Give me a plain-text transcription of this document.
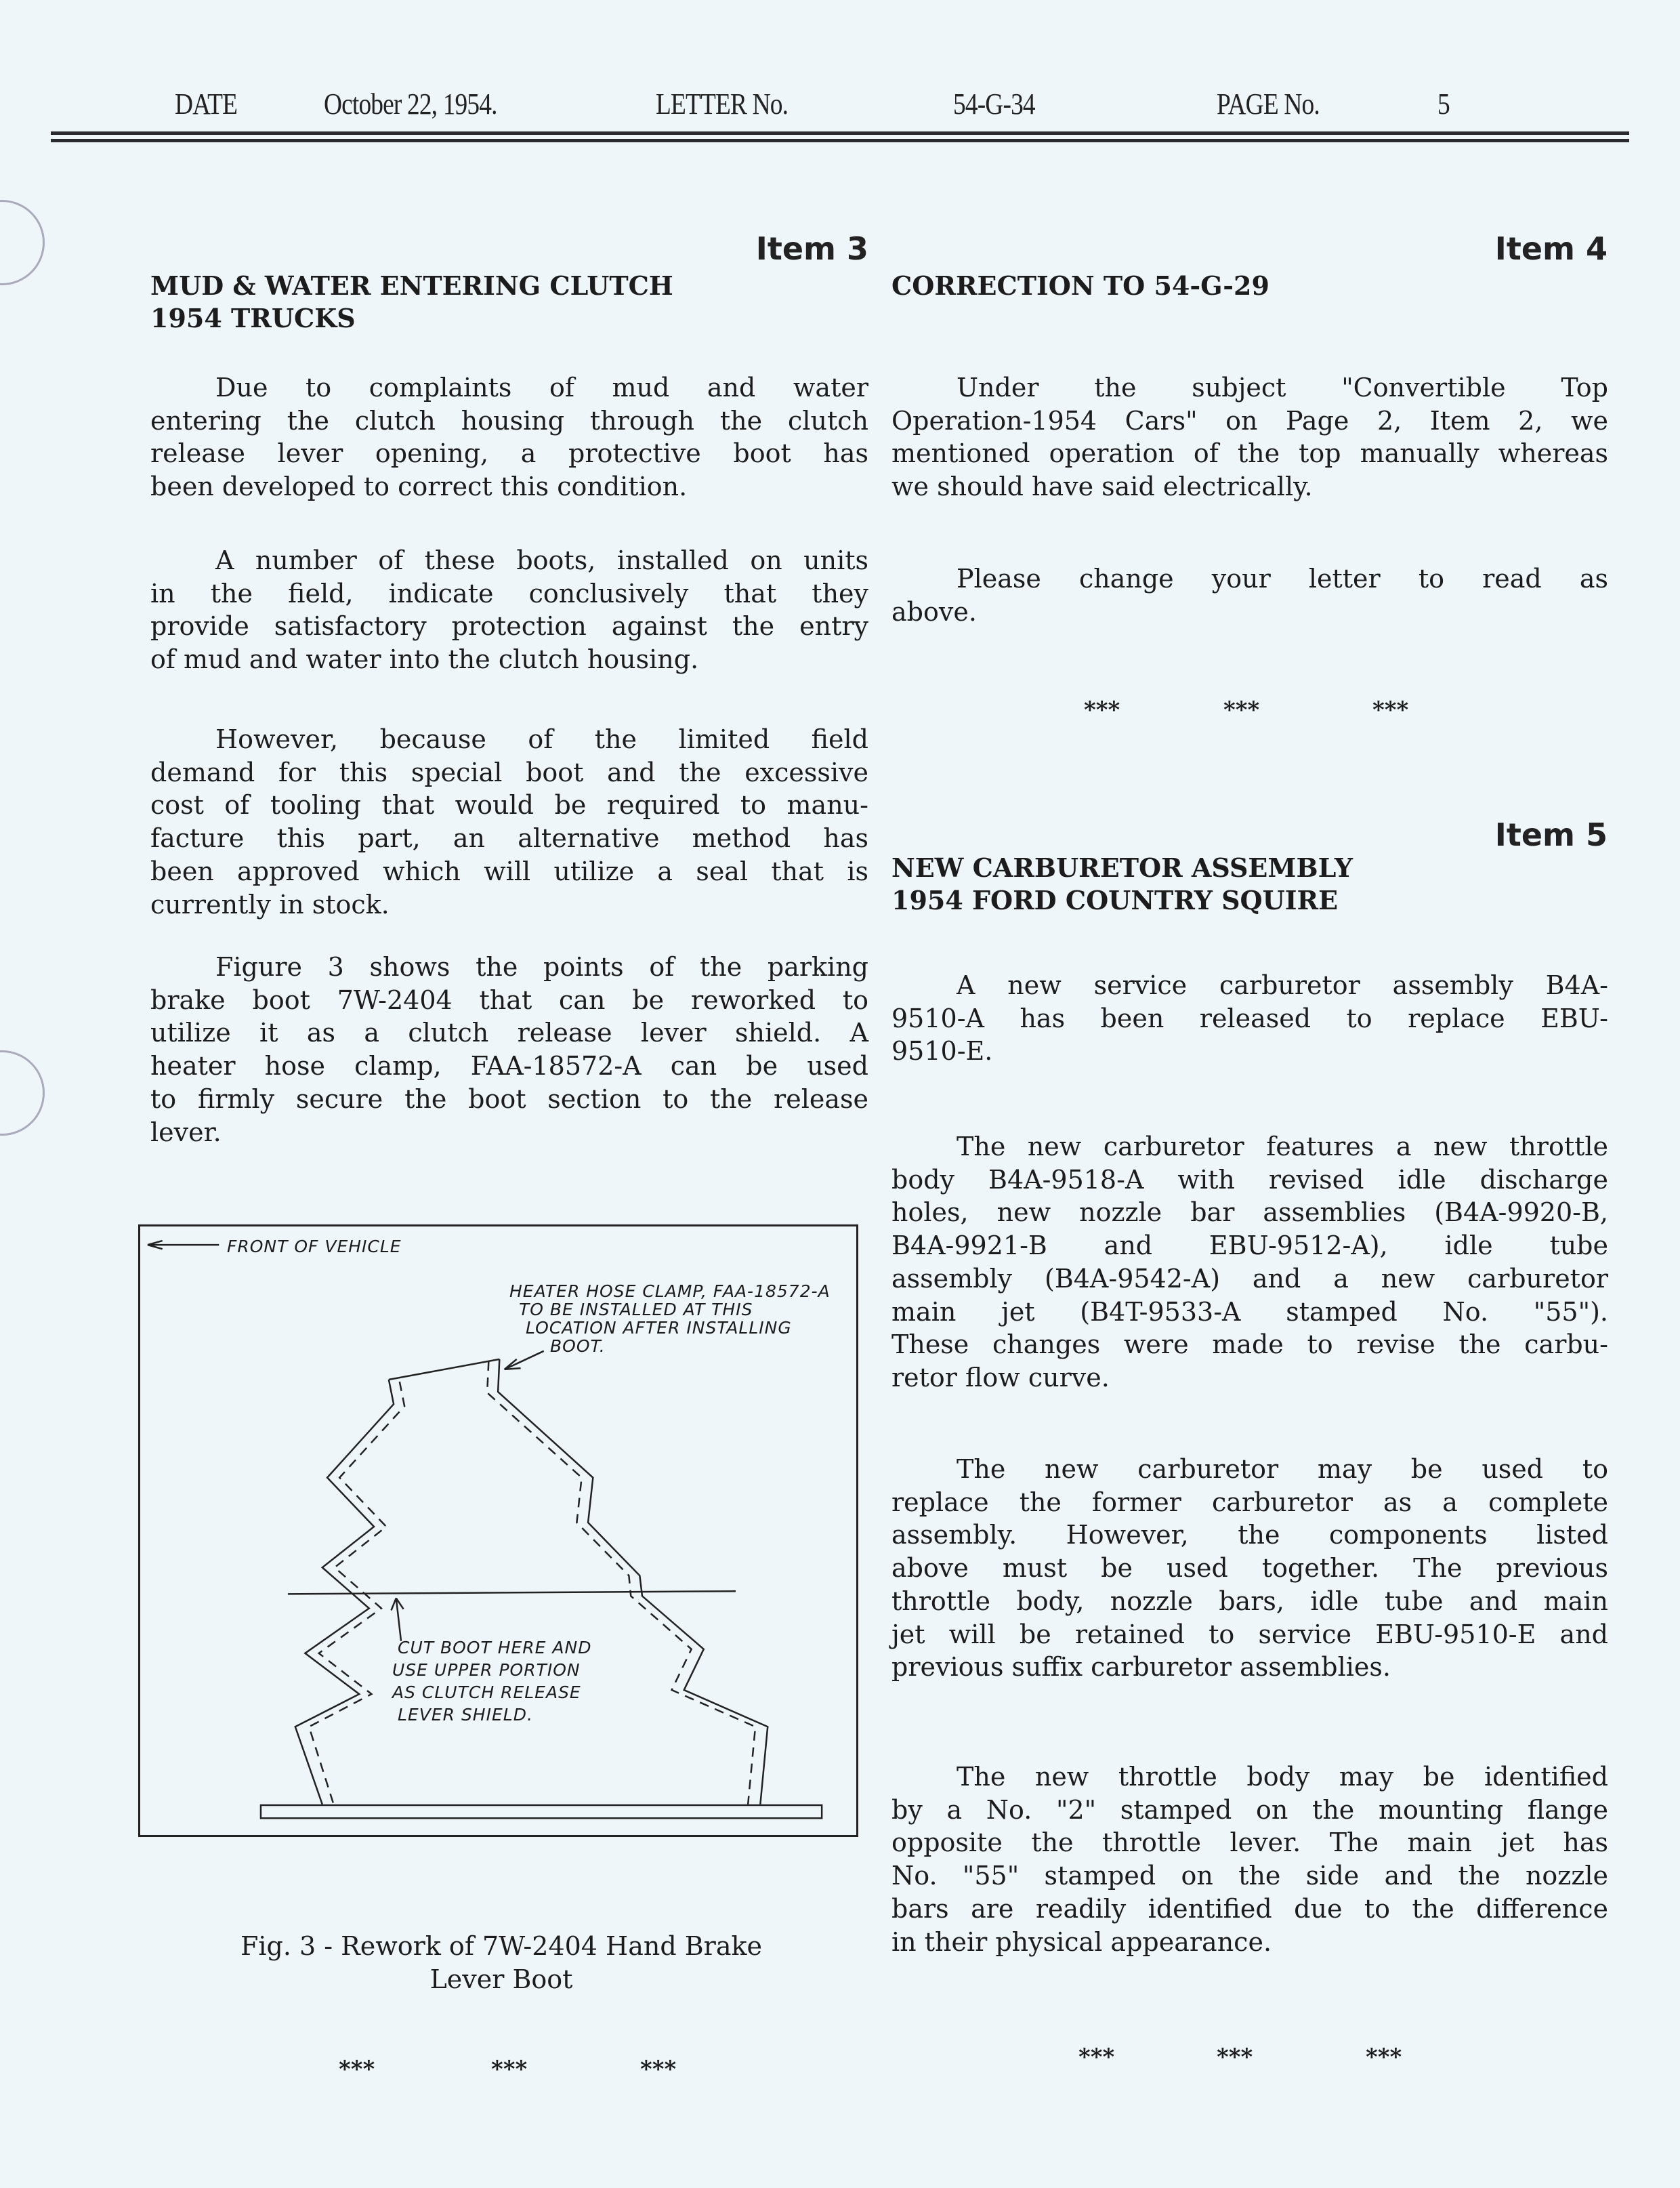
DATE	October 22, 1954.	LETTER No.	54-G-34	PAGE No.	5
Item 3
MUD & WATER ENTERING CLUTCH
1954 TRUCKS
Due to complaints of mud and water
entering the clutch housing through the clutch
release lever opening, a protective boot has
been developed to correct this condition.
A number of these boots, installed on units
in the field, indicate conclusively that they
provide satisfactory protection against the entry
of mud and water into the clutch housing.
However, because of the limited field
demand for this special boot and the excessive
cost of tooling that would be required to manu-
facture this part, an alternative method has
been approved which will utilize a seal that is
currently in stock.
Figure 3 shows the points of the parking
brake boot 7W-2404 that can be reworked to
utilize it as a clutch release lever shield. A
heater hose clamp, FAA-18572-A can be used
to firmly secure the boot section to the release
lever.
FRONT OF VEHICLE
HEATER HOSE CLAMP, FAA-18572-A
TO BE INSTALLED AT THIS
LOCATION AFTER INSTALLING
BOOT.
CUT BOOT HERE AND
USE UPPER PORTION
AS CLUTCH RELEASE
LEVER SHIELD.
Fig. 3 - Rework of 7W-2404 Hand Brake
Lever Boot
***	***	***
Item 4
CORRECTION TO 54-G-29
Under the subject "Convertible Top
Operation-1954 Cars" on Page 2, Item 2, we
mentioned operation of the top manually whereas
we should have said electrically.
Please change your letter to read as
above.
***	***	***
Item 5
NEW CARBURETOR ASSEMBLY
1954 FORD COUNTRY SQUIRE
A new service carburetor assembly B4A-
9510-A has been released to replace EBU-
9510-E.
The new carburetor features a new throttle
body B4A-9518-A with revised idle discharge
holes, new nozzle bar assemblies (B4A-9920-B,
B4A-9921-B and EBU-9512-A), idle tube
assembly (B4A-9542-A) and a new carburetor
main jet (B4T-9533-A stamped No. "55").
These changes were made to revise the carbu-
retor flow curve.
The new carburetor may be used to
replace the former carburetor as a complete
assembly. However, the components listed
above must be used together. The previous
throttle body, nozzle bars, idle tube and main
jet will be retained to service EBU-9510-E and
previous suffix carburetor assemblies.
The new throttle body may be identified
by a No. "2" stamped on the mounting flange
opposite the throttle lever. The main jet has
No. "55" stamped on the side and the nozzle
bars are readily identified due to the difference
in their physical appearance.
***	***	***
